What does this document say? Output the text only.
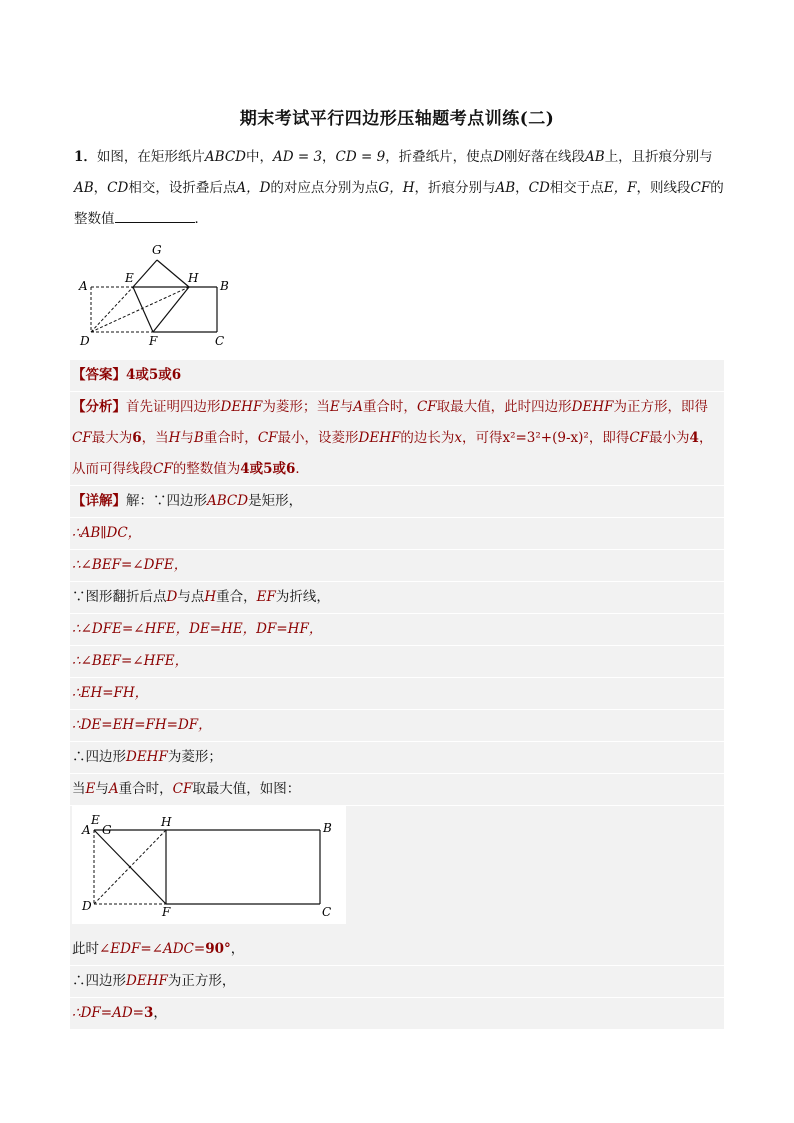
期末考试平行四边形压轴题考点训练(二)
1．如图，在矩形纸片ABCD中，AD = 3，CD = 9，折叠纸片，使点D刚好落在线段AB上，且折痕分别与AB，CD相交，设折叠后点A，D的对应点分别为点G，H，折痕分别与AB，CD相交于点E，F，则线段CF的整数值	．
A	B
C
D
E
F
G
H
【答案】4或5或6
【分析】首先证明四边形DEHF为菱形；当E与A重合时，CF取最大值，此时四边形DEHF为正方形，即得CF最大为6，当H与B重合时，CF最小，设菱形DEHF的边长为x，可得x²=3²+(9-x)²，即得CF最小为4，从而可得线段CF的整数值为4或5或6．
【详解】解：∵四边形ABCD是矩形，
∴AB∥DC，
∴∠BEF=∠DFE，
∵图形翻折后点D与点H重合，EF为折线，
∴∠DFE=∠HFE，DE=HE，DF=HF，
∴∠BEF=∠HFE，
∴EH=FH，
∴DE=EH=FH=DF，
∴四边形DEHF为菱形；
当E与A重合时，CF取最大值，如图：
A
E
G
H	B
D	F	C
此时∠EDF=∠ADC=90°，
∴四边形DEHF为正方形，
∴DF=AD=3，
